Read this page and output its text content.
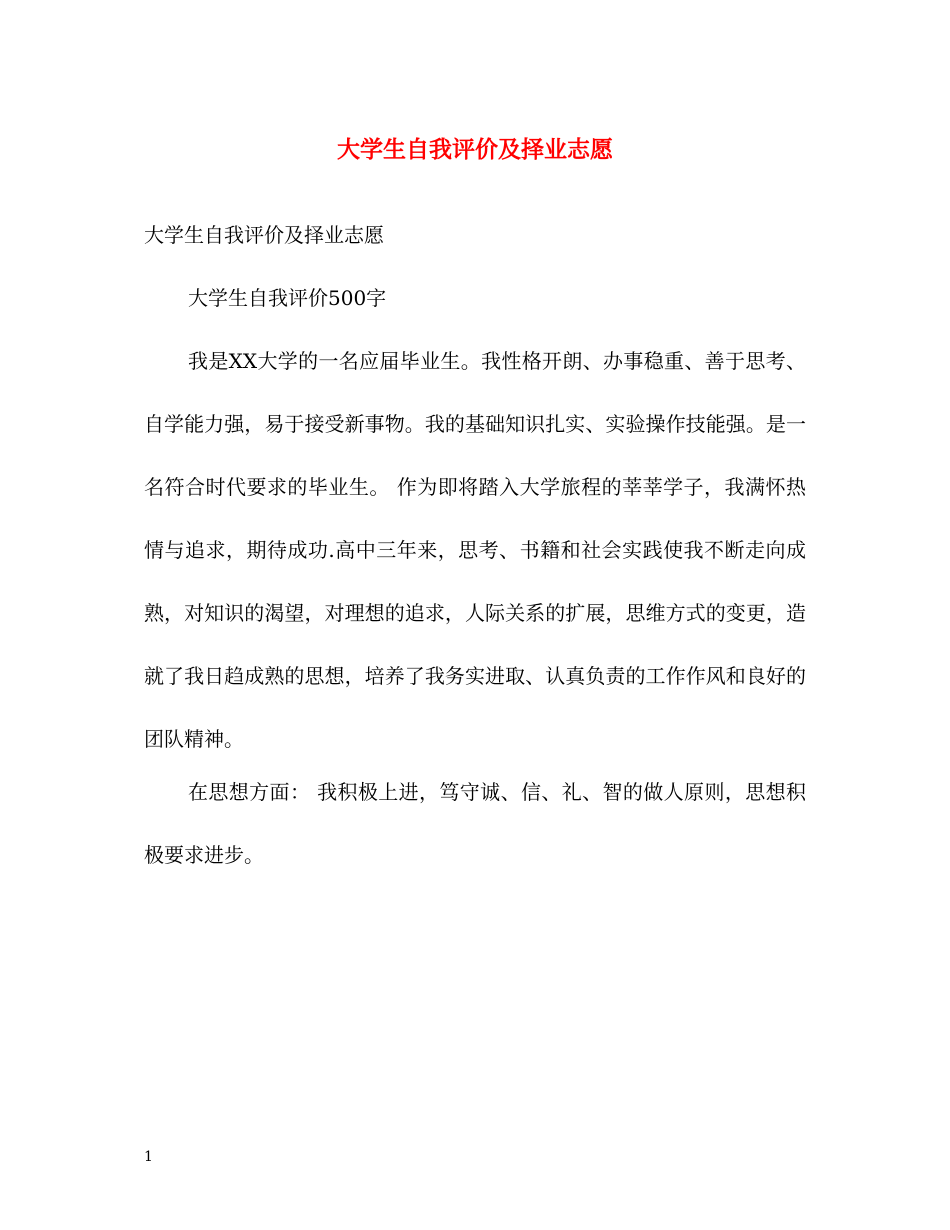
大学生自我评价及择业志愿

大学生自我评价及择业志愿

大学生自我评价500字

我是XX大学的一名应届毕业生。我性格开朗、办事稳重、善于思考、自学能力强，易于接受新事物。我的基础知识扎实、实验操作技能强。是一名符合时代要求的毕业生。 作为即将踏入大学旅程的莘莘学子，我满怀热情与追求，期待成功.高中三年来，思考、书籍和社会实践使我不断走向成熟，对知识的渴望，对理想的追求，人际关系的扩展，思维方式的变更，造就了我日趋成熟的思想，培养了我务实进取、认真负责的工作作风和良好的团队精神。

在思想方面： 我积极上进，笃守诚、信、礼、智的做人原则，思想积极要求进步。

1
